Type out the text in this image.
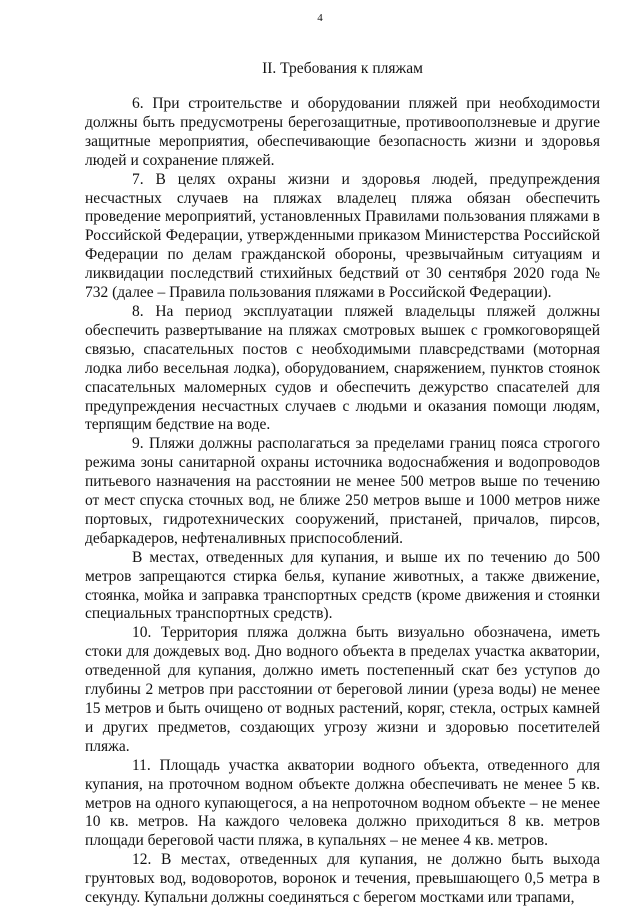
4
II. Требования к пляжам

6. При строительстве и оборудовании пляжей при необходимости должны быть предусмотрены берегозащитные, противооползневые и другие защитные мероприятия, обеспечивающие безопасность жизни и здоровья людей и сохранение пляжей.

7. В целях охраны жизни и здоровья людей, предупреждения несчастных случаев на пляжах владелец пляжа обязан обеспечить проведение мероприятий, установленных Правилами пользования пляжами в Российской Федерации, утвержденными приказом Министерства Российской Федерации по делам гражданской обороны, чрезвычайным ситуациям и ликвидации последствий стихийных бедствий от 30 сентября 2020 года № 732 (далее – Правила пользования пляжами в Российской Федерации).

8. На период эксплуатации пляжей владельцы пляжей должны обеспечить развертывание на пляжах смотровых вышек с громкоговорящей связью, спасательных постов с необходимыми плавсредствами (моторная лодка либо весельная лодка), оборудованием, снаряжением, пунктов стоянок спасательных маломерных судов и обеспечить дежурство спасателей для предупреждения несчастных случаев с людьми и оказания помощи людям, терпящим бедствие на воде.

9. Пляжи должны располагаться за пределами границ пояса строгого режима зоны санитарной охраны источника водоснабжения и водопроводов питьевого назначения на расстоянии не менее 500 метров выше по течению от мест спуска сточных вод, не ближе 250 метров выше и 1000 метров ниже портовых, гидротехнических сооружений, пристаней, причалов, пирсов, дебаркадеров, нефтеналивных приспособлений.

В местах, отведенных для купания, и выше их по течению до 500 метров запрещаются стирка белья, купание животных, а также движение, стоянка, мойка и заправка транспортных средств (кроме движения и стоянки специальных транспортных средств).

10. Территория пляжа должна быть визуально обозначена, иметь стоки для дождевых вод. Дно водного объекта в пределах участка акватории, отведенной для купания, должно иметь постепенный скат без уступов до глубины 2 метров при расстоянии от береговой линии (уреза воды) не менее 15 метров и быть очищено от водных растений, коряг, стекла, острых камней и других предметов, создающих угрозу жизни и здоровью посетителей пляжа.

11. Площадь участка акватории водного объекта, отведенного для купания, на проточном водном объекте должна обеспечивать не менее 5 кв. метров на одного купающегося, а на непроточном водном объекте – не менее 10 кв. метров. На каждого человека должно приходиться 8 кв. метров площади береговой части пляжа, в купальнях – не менее 4 кв. метров.

12. В местах, отведенных для купания, не должно быть выхода грунтовых вод, водоворотов, воронок и течения, превышающего 0,5 метра в секунду. Купальни должны соединяться с берегом мостками или трапами,
